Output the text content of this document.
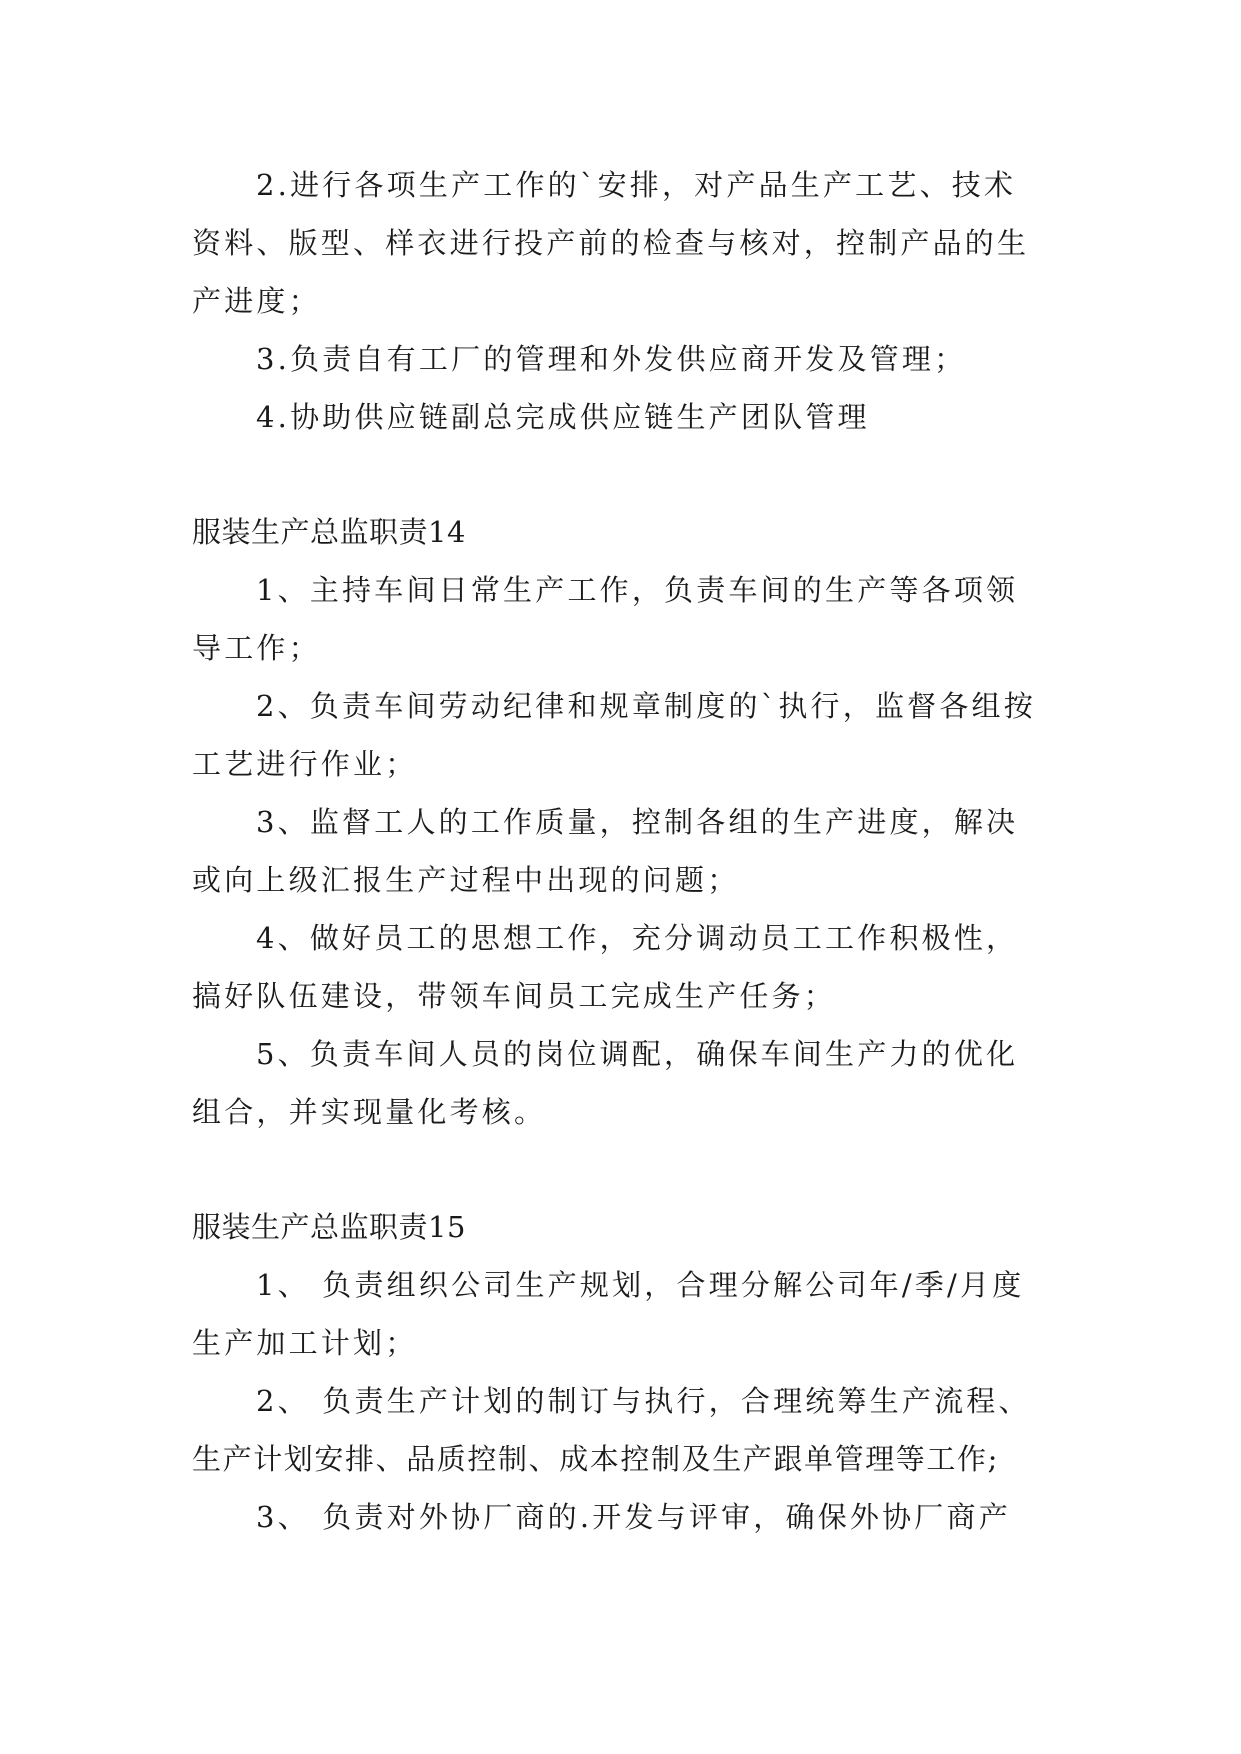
2.进行各项生产工作的`安排，对产品生产工艺、技术
资料、版型、样衣进行投产前的检查与核对，控制产品的生
产进度；
3.负责自有工厂的管理和外发供应商开发及管理；
4.协助供应链副总完成供应链生产团队管理
服装生产总监职责14
1、主持车间日常生产工作，负责车间的生产等各项领
导工作；
2、负责车间劳动纪律和规章制度的`执行，监督各组按
工艺进行作业；
3、监督工人的工作质量，控制各组的生产进度，解决
或向上级汇报生产过程中出现的问题；
4、做好员工的思想工作，充分调动员工工作积极性，
搞好队伍建设，带领车间员工完成生产任务；
5、负责车间人员的岗位调配，确保车间生产力的优化
组合，并实现量化考核。
服装生产总监职责15
1、 负责组织公司生产规划，合理分解公司年/季/月度
生产加工计划；
2、 负责生产计划的制订与执行，合理统筹生产流程、
生产计划安排、品质控制、成本控制及生产跟单管理等工作;
3、 负责对外协厂商的.开发与评审，确保外协厂商产
